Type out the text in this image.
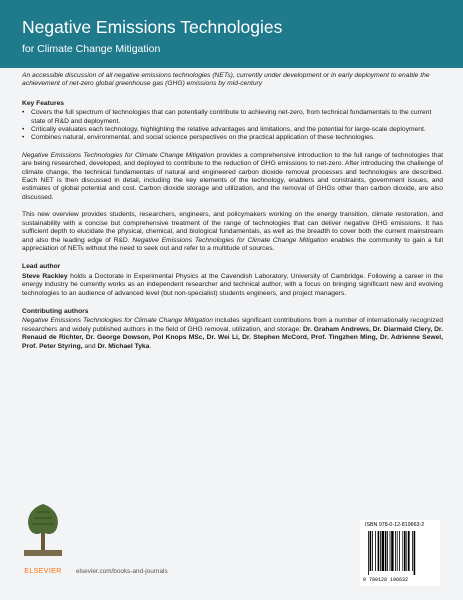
Negative Emissions Technologies
for Climate Change Mitigation

An accessible discussion of all negative emissions technologies (NETs), currently under development or in early deployment to enable the achievement of net-zero global greenhouse gas (GHG) emissions by mid-century

Key Features

• Covers the full spectrum of technologies that can potentially contribute to achieving net-zero, from technical fundamentals to the current state of R&D and deployment.
• Critically evaluates each technology, highlighting the relative advantages and limitations, and the potential for large-scale deployment.
• Combines natural, environmental, and social science perspectives on the practical application of these technologies.

Negative Emissions Technologies for Climate Change Mitigation provides a comprehensive introduction to the full range of technologies that are being researched, developed, and deployed to contribute to the reduction of GHG emissions to net-zero. After introducing the challenge of climate change, the technical fundamentals of natural and engineered carbon dioxide removal processes and technologies are described. Each NET is then discussed in detail, including the key elements of the technology, enablers and constraints, government issues, and estimates of global potential and cost. Carbon dioxide storage and utilization, and the removal of GHGs other than carbon dioxide, are also discussed.

This new overview provides students, researchers, engineers, and policymakers working on the energy transition, climate restoration, and sustainability with a concise but comprehensive treatment of the range of technologies that can deliver negative GHG emissions. It has sufficient depth to elucidate the physical, chemical, and biological fundamentals, as well as the breadth to cover both the current mainstream and also the leading edge of R&D. Negative Emissions Technologies for Climate Change Mitigation enables the community to gain a full appreciation of NETs without the need to seek out and refer to a multitude of sources.

Lead author

Steve Rackley holds a Doctorate in Experimental Physics at the Cavendish Laboratory, University of Cambridge. Following a career in the energy industry he currently works as an independent researcher and technical author, with a focus on bringing significant new and evolving technologies to an audience of advanced level (but non-specialist) students engineers, and project managers.

Contributing authors

Negative Emissions Technologies for Climate Change Mitigation includes significant contributions from a number of internationally recognized researchers and widely published authors in the field of GHG removal, utilization, and storage: Dr. Graham Andrews, Dr. Diarmaid Clery, Dr. Renaud de Richter, Dr. George Dowson, Pol Knops MSc, Dr. Wei Li, Dr. Stephen McCord, Prof. Tingzhen Ming, Dr. Adrienne Sewel, Prof. Peter Styring, and Dr. Michael Tyka.

ELSEVIER	elsevier.com/books-and-journals
ISBN 978-0-12-819663-2
9 780128 196632
